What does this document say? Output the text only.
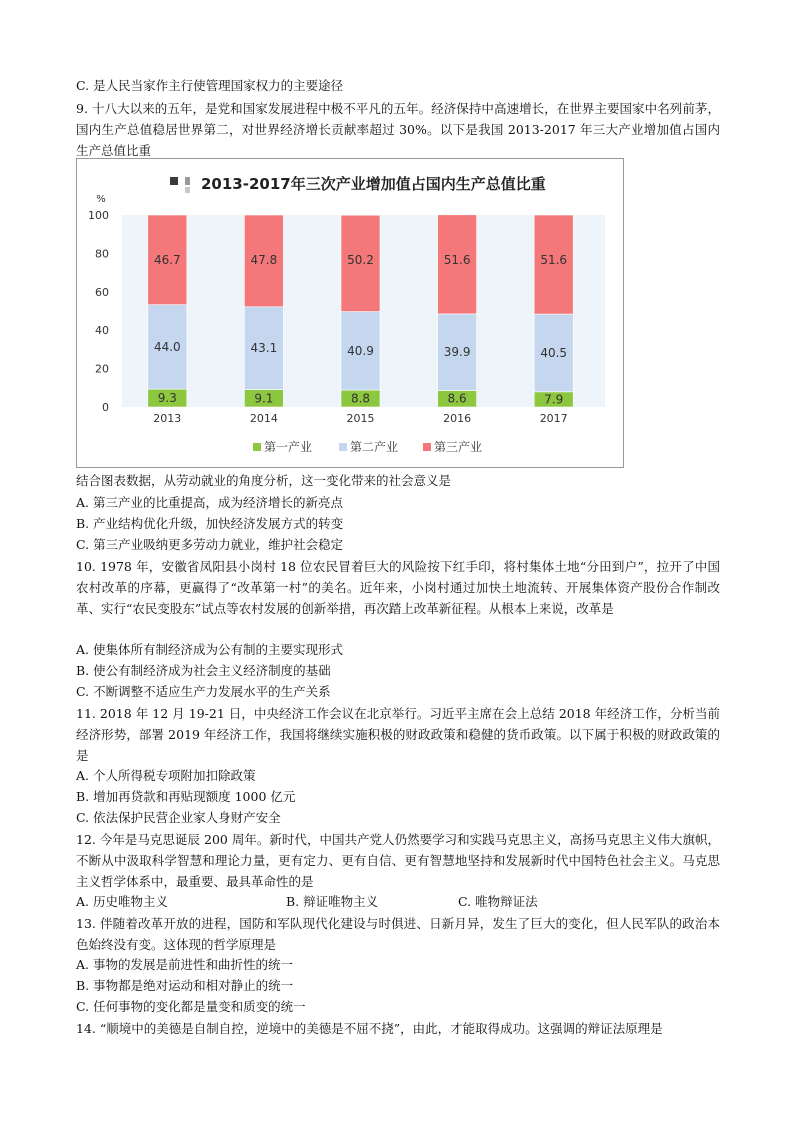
C. 是人民当家作主行使管理国家权力的主要途径
9. 十八大以来的五年，是党和国家发展进程中极不平凡的五年。经济保持中高速增长，在世界主要国家中名列前茅，国内生产总值稳居世界第二，对世界经济增长贡献率超过 30%。以下是我国 2013-2017 年三大产业增加值占国内生产总值比重
2013-2017年三次产业增加值占国内生产总值比重
%
0
20
40
60
80
100
9.3
44.0
46.7
2013
9.1
43.1
47.8
2014
8.8
40.9
50.2
2015
8.6
39.9
51.6
2016
7.9
40.5
51.6
2017
第一产业	第二产业	第三产业
结合图表数据，从劳动就业的角度分析，这一变化带来的社会意义是
A. 第三产业的比重提高，成为经济增长的新亮点
B. 产业结构优化升级，加快经济发展方式的转变
C. 第三产业吸纳更多劳动力就业，维护社会稳定
10. 1978 年，安徽省凤阳县小岗村 18 位农民冒着巨大的风险按下红手印，将村集体土地“分田到户”，拉开了中国农村改革的序幕，更赢得了“改革第一村”的美名。近年来，小岗村通过加快土地流转、开展集体资产股份合作制改革、实行“农民变股东”试点等农村发展的创新举措，再次踏上改革新征程。从根本上来说，改革是
A. 使集体所有制经济成为公有制的主要实现形式
B. 使公有制经济成为社会主义经济制度的基础
C. 不断调整不适应生产力发展水平的生产关系
11. 2018 年 12 月 19-21 日，中央经济工作会议在北京举行。习近平主席在会上总结 2018 年经济工作，分析当前经济形势，部署 2019 年经济工作，我国将继续实施积极的财政政策和稳健的货币政策。以下属于积极的财政政策的是
A. 个人所得税专项附加扣除政策
B. 增加再贷款和再贴现额度 1000 亿元
C. 依法保护民营企业家人身财产安全
12. 今年是马克思诞辰 200 周年。新时代，中国共产党人仍然要学习和实践马克思主义，高扬马克思主义伟大旗帜，不断从中汲取科学智慧和理论力量，更有定力、更有自信、更有智慧地坚持和发展新时代中国特色社会主义。马克思主义哲学体系中，最重要、最具革命性的是
A. 历史唯物主义	B. 辩证唯物主义	C. 唯物辩证法
13. 伴随着改革开放的进程，国防和军队现代化建设与时俱进、日新月异，发生了巨大的变化，但人民军队的政治本色始终没有变。这体现的哲学原理是
A. 事物的发展是前进性和曲折性的统一
B. 事物都是绝对运动和相对静止的统一
C. 任何事物的变化都是量变和质变的统一
14. “顺境中的美德是自制自控，逆境中的美德是不屈不挠”，由此，才能取得成功。这强调的辩证法原理是
